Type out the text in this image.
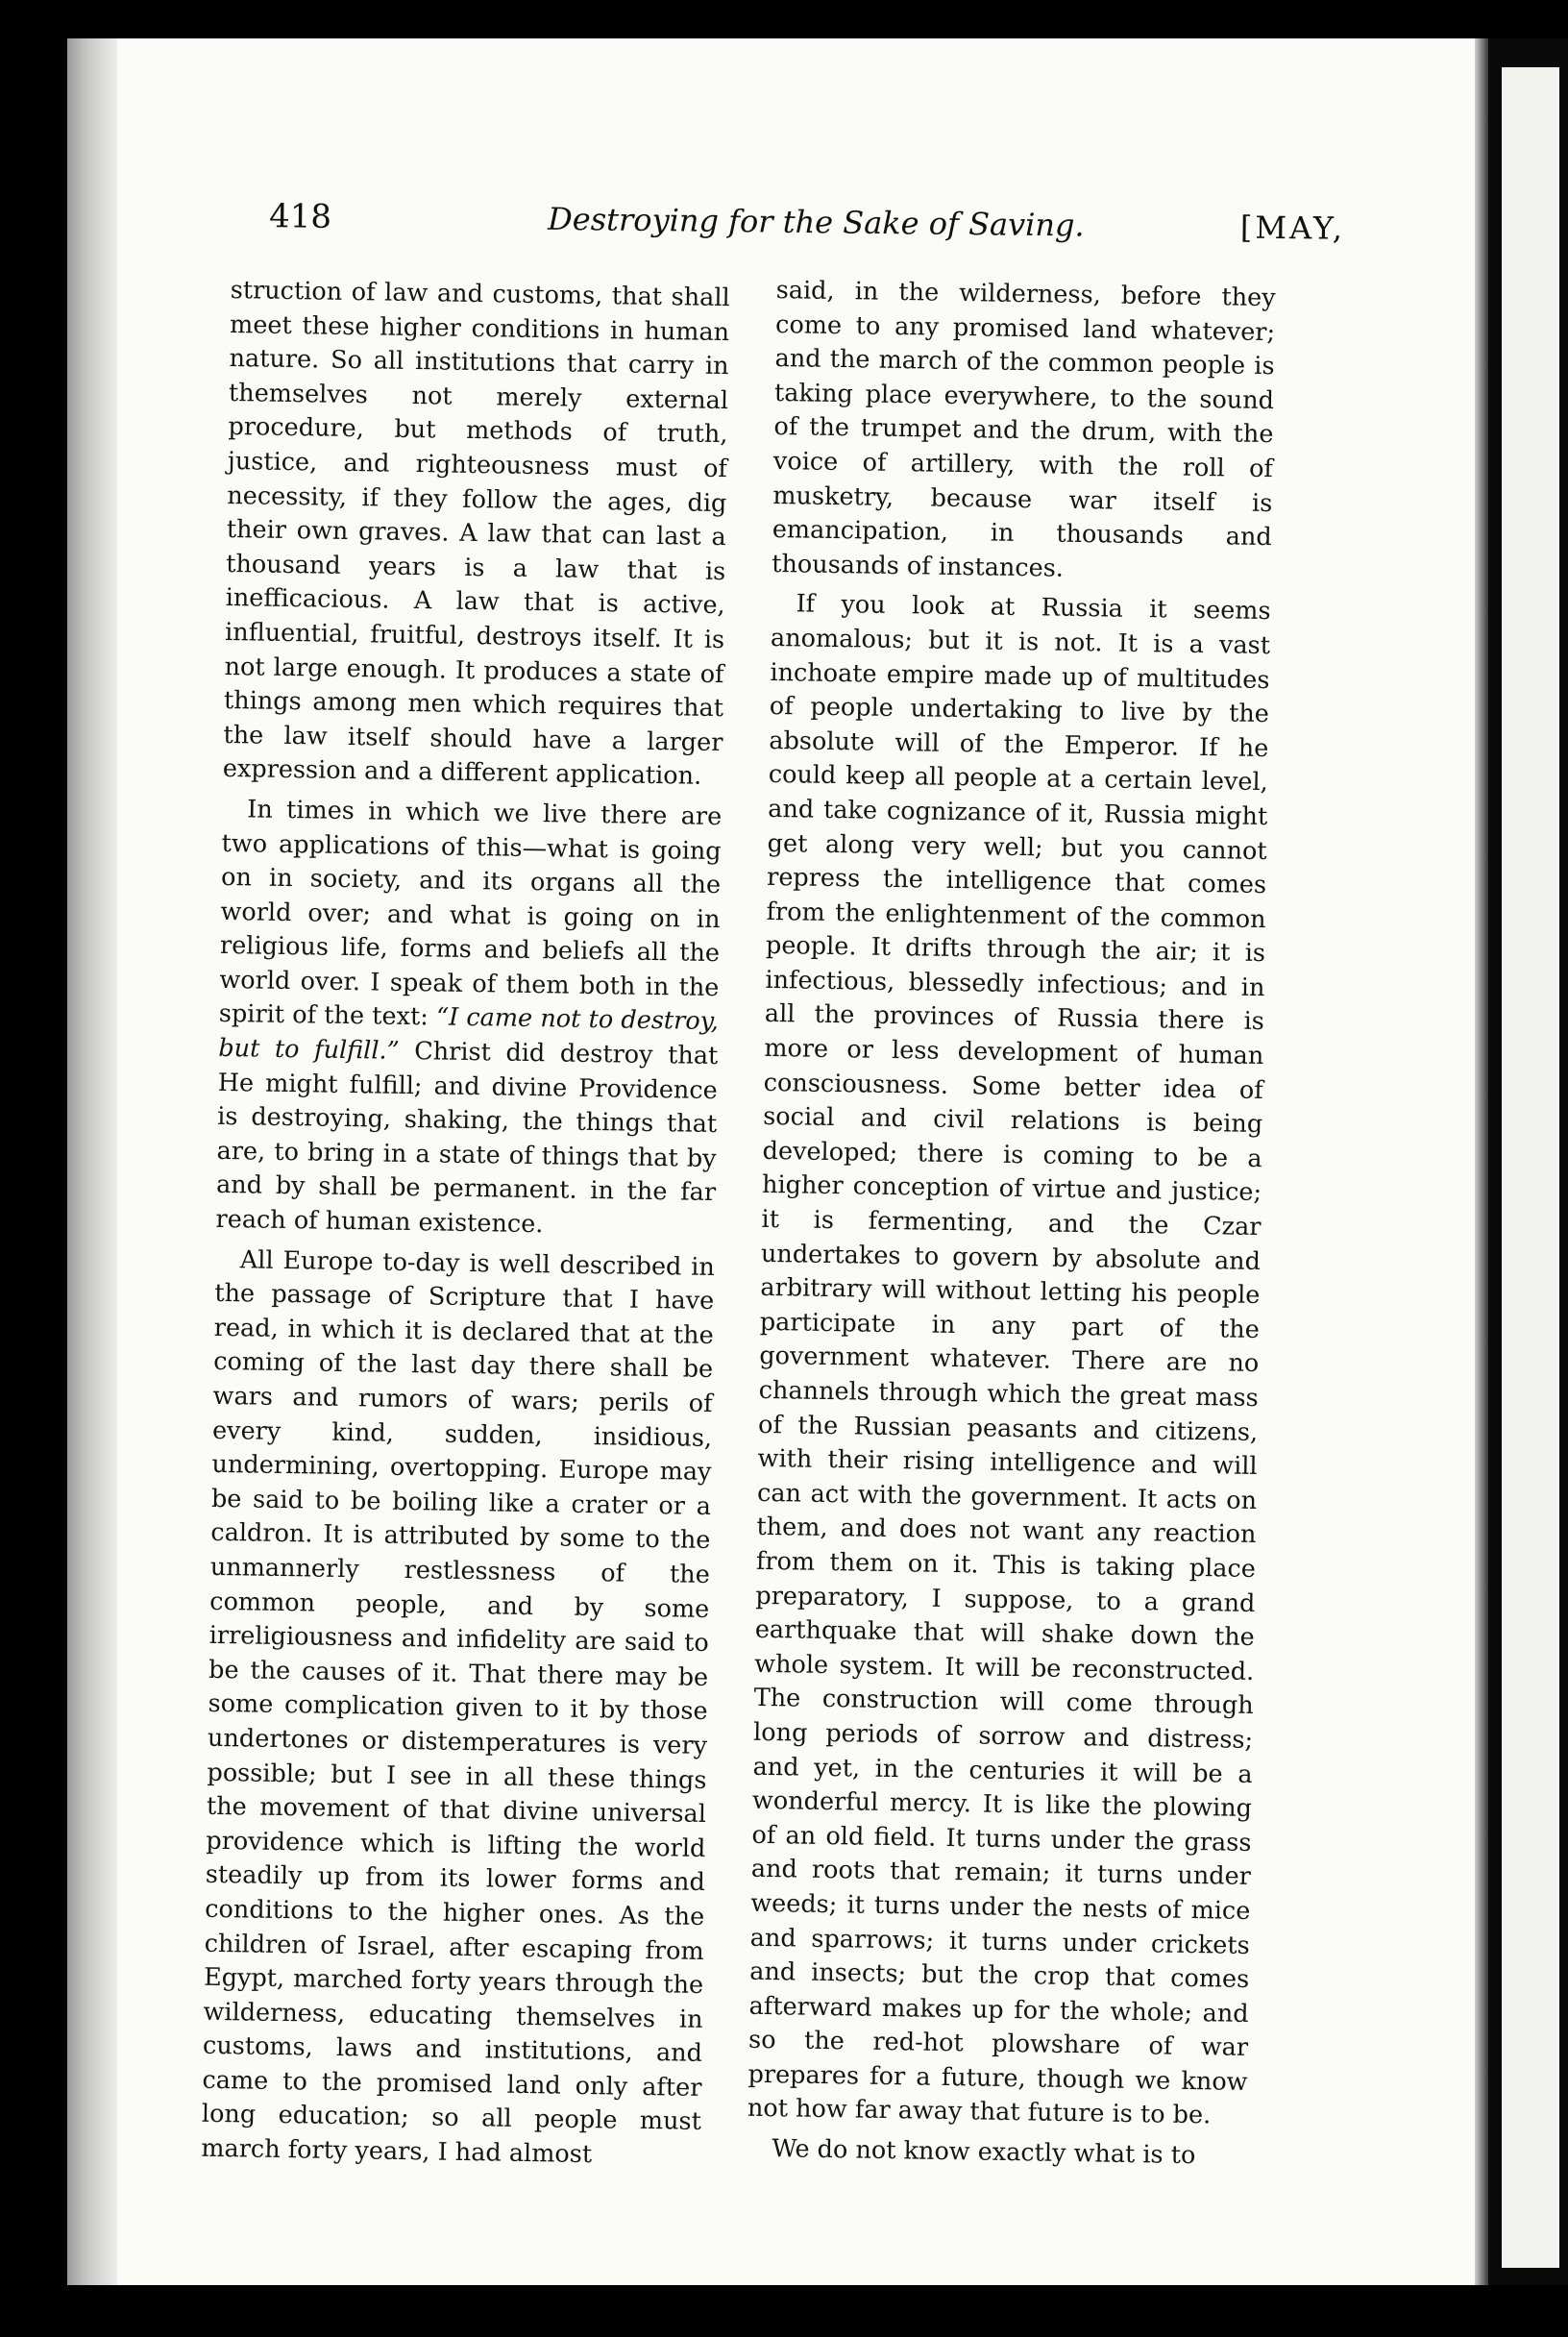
418	Destroying for the Sake of Saving.	[MAY,

struction of law and customs, that shall meet these higher conditions in human nature. So all institutions that carry in themselves not merely external procedure, but methods of truth, justice, and righteousness must of necessity, if they follow the ages, dig their own graves. A law that can last a thousand years is a law that is inefficacious. A law that is active, influential, fruitful, destroys itself. It is not large enough. It produces a state of things among men which requires that the law itself should have a larger expression and a different application.

In times in which we live there are two applications of this—what is going on in society, and its organs all the world over; and what is going on in religious life, forms and beliefs all the world over. I speak of them both in the spirit of the text: “I came not to destroy, but to fulfill.” Christ did destroy that He might fulfill; and divine Providence is destroying, shaking, the things that are, to bring in a state of things that by and by shall be permanent. in the far reach of human existence.

All Europe to-day is well described in the passage of Scripture that I have read, in which it is declared that at the coming of the last day there shall be wars and rumors of wars; perils of every kind, sudden, insidious, undermining, overtopping. Europe may be said to be boiling like a crater or a caldron. It is attributed by some to the unmannerly restlessness of the common people, and by some irreligiousness and infidelity are said to be the causes of it. That there may be some complication given to it by those undertones or distemperatures is very possible; but I see in all these things the movement of that divine universal providence which is lifting the world steadily up from its lower forms and conditions to the higher ones. As the children of Israel, after escaping from Egypt, marched forty years through the wilderness, educating themselves in customs, laws and institutions, and came to the promised land only after long education; so all people must march forty years, I had almost

said, in the wilderness, before they come to any promised land whatever; and the march of the common people is taking place everywhere, to the sound of the trumpet and the drum, with the voice of artillery, with the roll of musketry, because war itself is emancipation, in thousands and thousands of instances.

If you look at Russia it seems anomalous; but it is not. It is a vast inchoate empire made up of multitudes of people undertaking to live by the absolute will of the Emperor. If he could keep all people at a certain level, and take cognizance of it, Russia might get along very well; but you cannot repress the intelligence that comes from the enlightenment of the common people. It drifts through the air; it is infectious, blessedly infectious; and in all the provinces of Russia there is more or less development of human consciousness. Some better idea of social and civil relations is being developed; there is coming to be a higher conception of virtue and justice; it is fermenting, and the Czar undertakes to govern by absolute and arbitrary will without letting his people participate in any part of the government whatever. There are no channels through which the great mass of the Russian peasants and citizens, with their rising intelligence and will can act with the government. It acts on them, and does not want any reaction from them on it. This is taking place preparatory, I suppose, to a grand earthquake that will shake down the whole system. It will be reconstructed. The construction will come through long periods of sorrow and distress; and yet, in the centuries it will be a wonderful mercy. It is like the plowing of an old field. It turns under the grass and roots that remain; it turns under weeds; it turns under the nests of mice and sparrows; it turns under crickets and insects; but the crop that comes afterward makes up for the whole; and so the red-hot plowshare of war prepares for a future, though we know not how far away that future is to be.

We do not know exactly what is to
